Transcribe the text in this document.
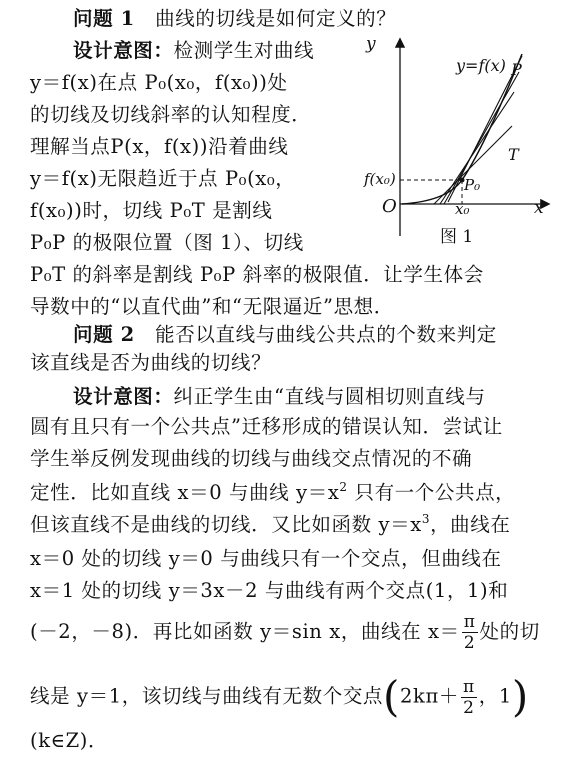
问题 1 曲线的切线是如何定义的？
设计意图：检测学生对曲线
y＝f(x)在点 P₀(x₀，f(x₀))处
的切线及切线斜率的认知程度．
理解当点P(x，f(x))沿着曲线
y＝f(x)无限趋近于点 P₀(x₀，
f(x₀))时，切线 P₀T 是割线
P₀P 的极限位置（图 1）、切线
P₀T 的斜率是割线 P₀P 斜率的极限值．让学生体会
导数中的“以直代曲”和“无限逼近”思想．
y
x
O
y=f(x) P
T
P₀
f(x₀)
x₀
图 1
问题 2 能否以直线与曲线公共点的个数来判定
该直线是否为曲线的切线？
设计意图：纠正学生由“直线与圆相切则直线与
圆有且只有一个公共点”迁移形成的错误认知．尝试让
学生举反例发现曲线的切线与曲线交点情况的不确
定性．比如直线 x＝0 与曲线 $y=x^2$ 只有一个公共点，
但该直线不是曲线的切线．又比如函数 $y=x^3$，曲线在
x＝0 处的切线 y＝0 与曲线只有一个交点，但曲线在
x＝1 处的切线 y＝3x－2 与曲线有两个交点(1，1)和
(－2，－8)．再比如函数 y＝sin x，曲线在 $x= \frac{\pi}{2}$ 处的切
线是 y＝1，该切线与曲线有无数个交点($2k\pi+ \frac{\pi}{2}$ ，1)
(k∈Z)．
